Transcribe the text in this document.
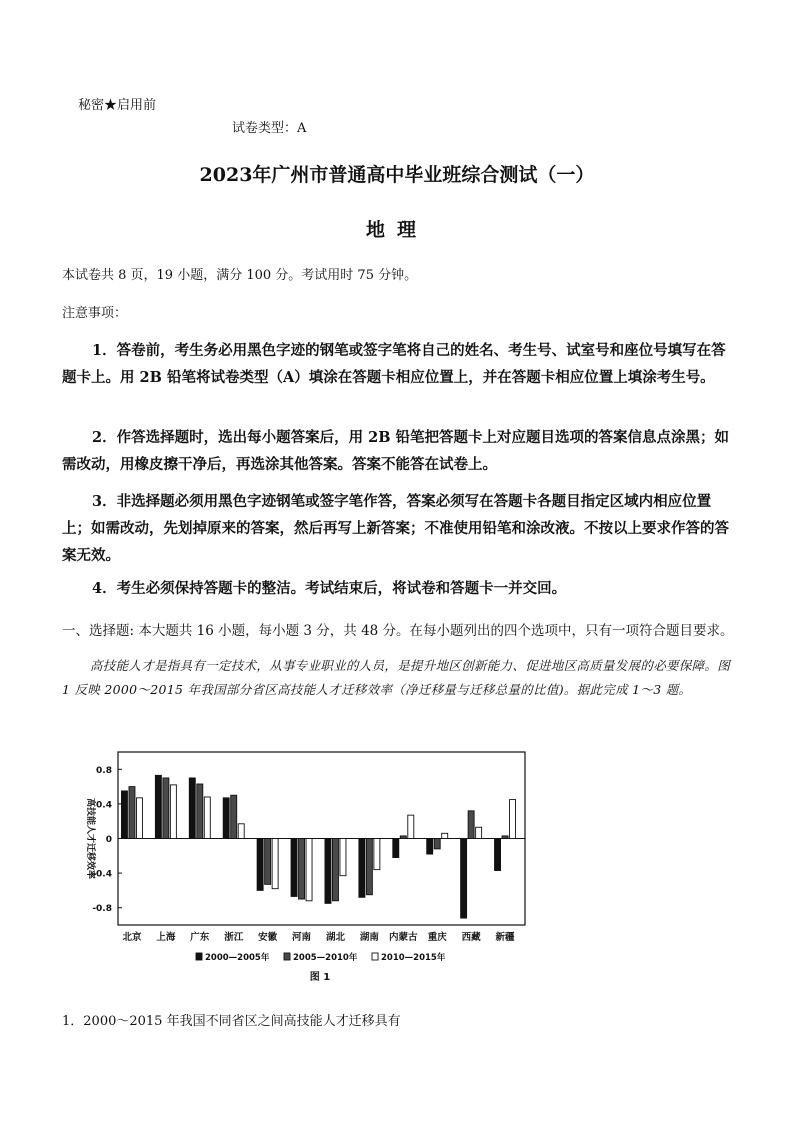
秘密★启用前
试卷类型：A
2023年广州市普通高中毕业班综合测试（一）
地理
本试卷共 8 页，19 小题，满分 100 分。考试用时 75 分钟。
注意事项：
1．答卷前，考生务必用黑色字迹的钢笔或签字笔将自己的姓名、考生号、试室号和座位号填写在答题卡上。用 2B 铅笔将试卷类型（A）填涂在答题卡相应位置上，并在答题卡相应位置上填涂考生号。
2．作答选择题时，选出每小题答案后，用 2B 铅笔把答题卡上对应题目选项的答案信息点涂黑；如需改动，用橡皮擦干净后，再选涂其他答案。答案不能答在试卷上。
3．非选择题必须用黑色字迹钢笔或签字笔作答，答案必须写在答题卡各题目指定区域内相应位置上；如需改动，先划掉原来的答案，然后再写上新答案；不准使用铅笔和涂改液。不按以上要求作答的答案无效。
4．考生必须保持答题卡的整洁。考试结束后，将试卷和答题卡一并交回。
一、选择题: 本大题共 16 小题，每小题 3 分，共 48 分。在每小题列出的四个选项中，只有一项符合题目要求。
高技能人才是指具有一定技术，从事专业职业的人员，是提升地区创新能力、促进地区高质量发展的必要保障。图 1 反映 2000～2015 年我国部分省区高技能人才迁移效率（净迁移量与迁移总量的比值)。据此完成 1～3 题。
0.8
0.4
0
-0.4
-0.8
高技能人才迁移效率
北京 上海 广东 浙江 安徽 河南 湖北 湖南 内蒙古 重庆 西藏 新疆
2000—2005年	2005—2010年	2010—2015年
图 1
1．2000～2015 年我国不同省区之间高技能人才迁移具有
